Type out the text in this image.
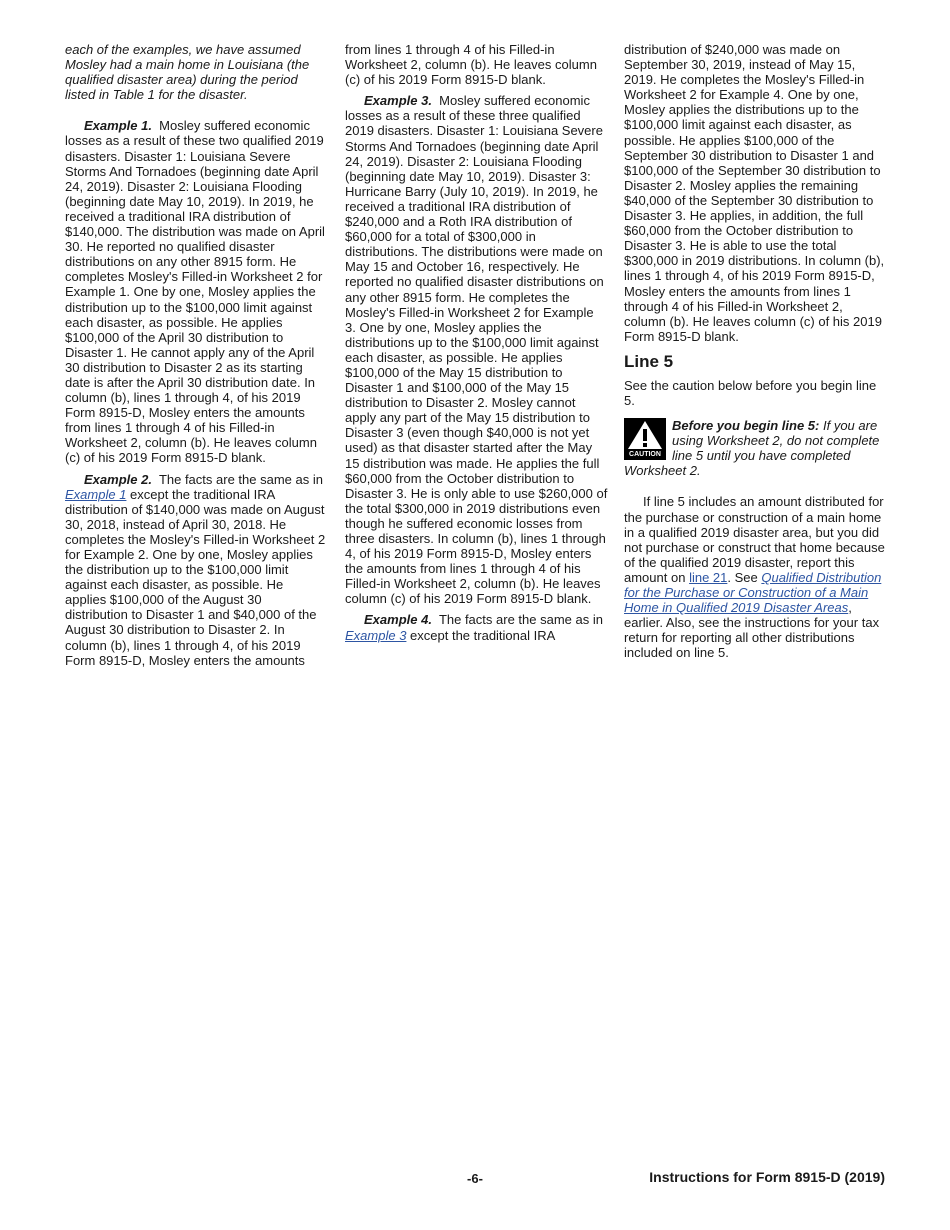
each of the examples, we have assumed Mosley had a main home in Louisiana (the qualified disaster area) during the period listed in Table 1 for the disaster.

Example 1. Mosley suffered economic losses as a result of these two qualified 2019 disasters. Disaster 1: Louisiana Severe Storms And Tornadoes (beginning date April 24, 2019). Disaster 2: Louisiana Flooding (beginning date May 10, 2019). In 2019, he received a traditional IRA distribution of $140,000. The distribution was made on April 30. He reported no qualified disaster distributions on any other 8915 form. He completes Mosley's Filled-in Worksheet 2 for Example 1. One by one, Mosley applies the distribution up to the $100,000 limit against each disaster, as possible. He applies $100,000 of the April 30 distribution to Disaster 1. He cannot apply any of the April 30 distribution to Disaster 2 as its starting date is after the April 30 distribution date. In column (b), lines 1 through 4, of his 2019 Form 8915-D, Mosley enters the amounts from lines 1 through 4 of his Filled-in Worksheet 2, column (b). He leaves column (c) of his 2019 Form 8915-D blank.

Example 2. The facts are the same as in Example 1 except the traditional IRA distribution of $140,000 was made on August 30, 2018, instead of April 30, 2018. He completes the Mosley's Filled-in Worksheet 2 for Example 2. One by one, Mosley applies the distribution up to the $100,000 limit against each disaster, as possible. He applies $100,000 of the August 30 distribution to Disaster 1 and $40,000 of the August 30 distribution to Disaster 2. In column (b), lines 1 through 4, of his 2019 Form 8915-D, Mosley enters the amounts

from lines 1 through 4 of his Filled-in Worksheet 2, column (b). He leaves column (c) of his 2019 Form 8915-D blank.

Example 3. Mosley suffered economic losses as a result of these three qualified 2019 disasters. Disaster 1: Louisiana Severe Storms And Tornadoes (beginning date April 24, 2019). Disaster 2: Louisiana Flooding (beginning date May 10, 2019). Disaster 3: Hurricane Barry (July 10, 2019). In 2019, he received a traditional IRA distribution of $240,000 and a Roth IRA distribution of $60,000 for a total of $300,000 in distributions. The distributions were made on May 15 and October 16, respectively. He reported no qualified disaster distributions on any other 8915 form. He completes the Mosley's Filled-in Worksheet 2 for Example 3. One by one, Mosley applies the distributions up to the $100,000 limit against each disaster, as possible. He applies $100,000 of the May 15 distribution to Disaster 1 and $100,000 of the May 15 distribution to Disaster 2. Mosley cannot apply any part of the May 15 distribution to Disaster 3 (even though $40,000 is not yet used) as that disaster started after the May 15 distribution was made. He applies the full $60,000 from the October distribution to Disaster 3. He is only able to use $260,000 of the total $300,000 in 2019 distributions even though he suffered economic losses from three disasters. In column (b), lines 1 through 4, of his 2019 Form 8915-D, Mosley enters the amounts from lines 1 through 4 of his Filled-in Worksheet 2, column (b). He leaves column (c) of his 2019 Form 8915-D blank.

Example 4. The facts are the same as in Example 3 except the traditional IRA

distribution of $240,000 was made on September 30, 2019, instead of May 15, 2019. He completes the Mosley's Filled-in Worksheet 2 for Example 4. One by one, Mosley applies the distributions up to the $100,000 limit against each disaster, as possible. He applies $100,000 of the September 30 distribution to Disaster 1 and $100,000 of the September 30 distribution to Disaster 2. Mosley applies the remaining $40,000 of the September 30 distribution to Disaster 3. He applies, in addition, the full $60,000 from the October distribution to Disaster 3. He is able to use the total $300,000 in 2019 distributions. In column (b), lines 1 through 4, of his 2019 Form 8915-D, Mosley enters the amounts from lines 1 through 4 of his Filled-in Worksheet 2, column (b). He leaves column (c) of his 2019 Form 8915-D blank.

Line 5

See the caution below before you begin line 5.

CAUTION
Before you begin line 5: If you are using Worksheet 2, do not complete line 5 until you have completed Worksheet 2.

If line 5 includes an amount distributed for the purchase or construction of a main home in a qualified 2019 disaster area, but you did not purchase or construct that home because of the qualified 2019 disaster, report this amount on line 21. See Qualified Distribution for the Purchase or Construction of a Main Home in Qualified 2019 Disaster Areas, earlier. Also, see the instructions for your tax return for reporting all other distributions included on line 5.

-6-	Instructions for Form 8915-D (2019)
